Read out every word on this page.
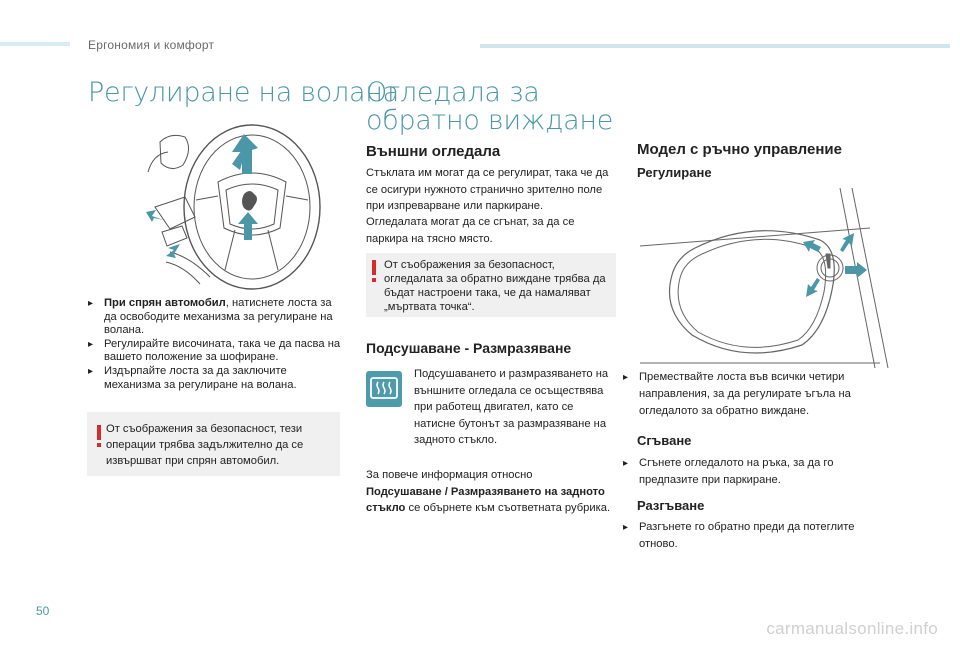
Ергономия и комфорт
Регулиране на волана
▸ При спрян автомобил, натиснете лоста за да освободите механизма за регулиране на волана.
▸ Регулирайте височината, така че да пасва на вашето положение за шофиране.
▸ Издърпайте лоста за да заключите механизма за регулиране на волана.
От съображения за безопасност, тези операции трябва задължително да се извършват при спрян автомобил.
Огледала за
обратно виждане
Външни огледала
Стъклата им могат да се регулират, така че да се осигури нужното странично зрително поле при изпреварване или паркиране.
Огледалата могат да се сгънат, за да се паркира на тясно място.
От съображения за безопасност, огледалата за обратно виждане трябва да бъдат настроени така, че да намаляват „мъртвата точка“.
Подсушаване - Размразяване
Подсушаването и размразяването на външните огледала се осъществява при работещ двигател, като се натисне бутонът за размразяване на задното стъкло.
За повече информация относно
Подсушаване / Размразяването на задното стъкло се обърнете към съответната рубрика.
Модел с ръчно управление
Регулиране
▸ Премествайте лоста във всички четири направления, за да регулирате ъгъла на огледалото за обратно виждане.
Сгъване
▸ Сгънете огледалото на ръка, за да го предпазите при паркиране.
Разгъване
▸ Разгънете го обратно преди да потеглите отново.
50
carmanualsonline.info
